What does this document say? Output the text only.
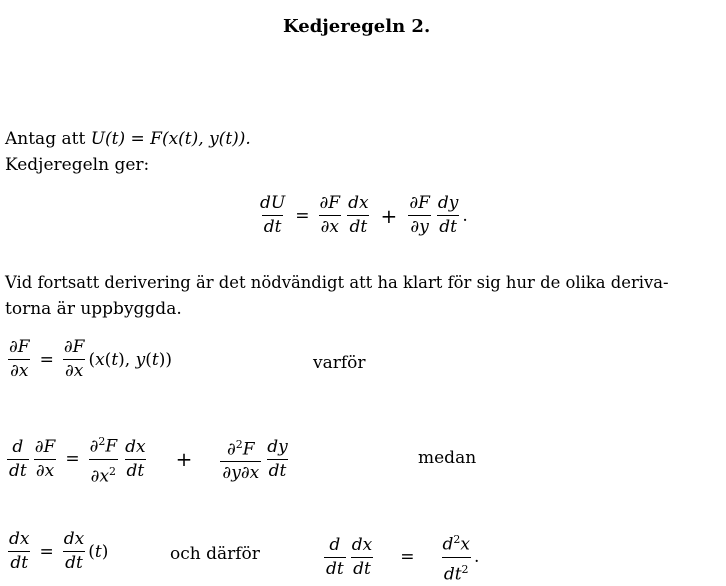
Kedjeregeln 2.
Antag att U(t) = F(x(t), y(t)).
Kedjeregeln ger:
$\frac{dU}{dt} = \frac{\partial F}{\partial x} \frac{dx}{dt} + \frac{\partial F}{\partial y} \frac{dy}{dt}$ .
Vid fortsatt derivering är det nödvändigt att ha klart för sig hur de olika deriva-
torna är uppbyggda.
$\frac{\partial F}{\partial x} = \frac{\partial F}{\partial x} (x(t)$, y(t))	varför
$\frac{d}{dt} \frac{\partial F}{\partial x} = \frac{\partial^2F}{\partial x^2} \frac{dx}{dt} + \frac{\partial^2F}{\partial y\partial x} \frac{dy}{dt}$	medan
$\frac{dx}{dt} = \frac{dx}{dt} (t)$	och därför	$\frac{d}{dt} \frac{dx}{dt} = \frac{d^2x}{dt^2}$ .
